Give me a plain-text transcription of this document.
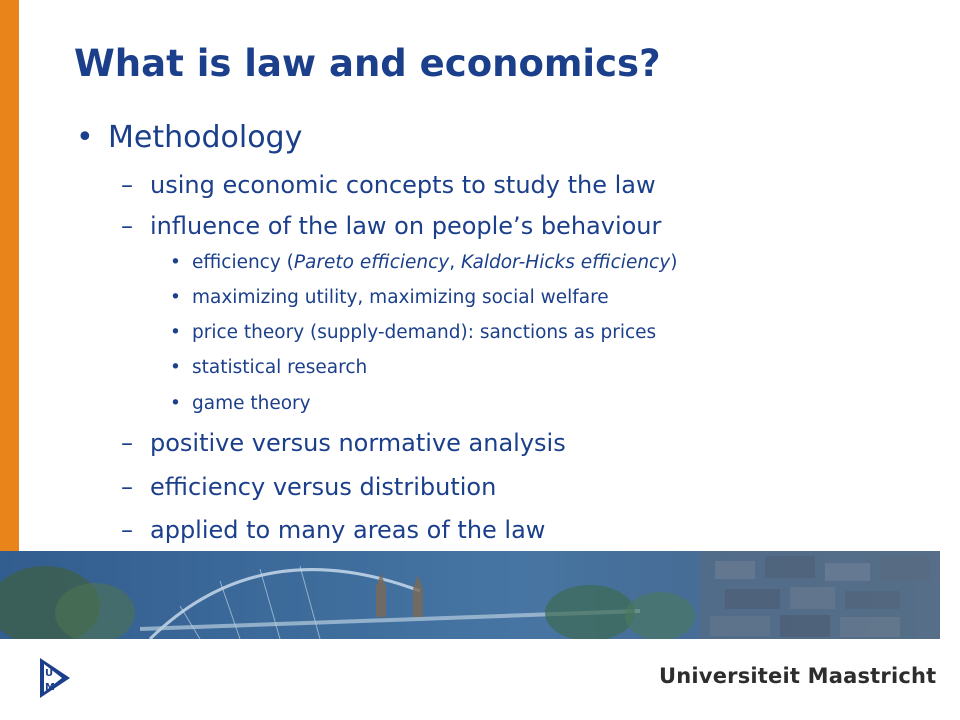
What is law and economics?
• Methodology
– using economic concepts to study the law
– influence of the law on people’s behaviour
• efficiency (Pareto efficiency, Kaldor-Hicks efficiency)
• maximizing utility, maximizing social welfare
• price theory (supply-demand): sanctions as prices
• statistical research
• game theory
– positive versus normative analysis
– efficiency versus distribution
– applied to many areas of the law
U
M	Universiteit Maastricht
